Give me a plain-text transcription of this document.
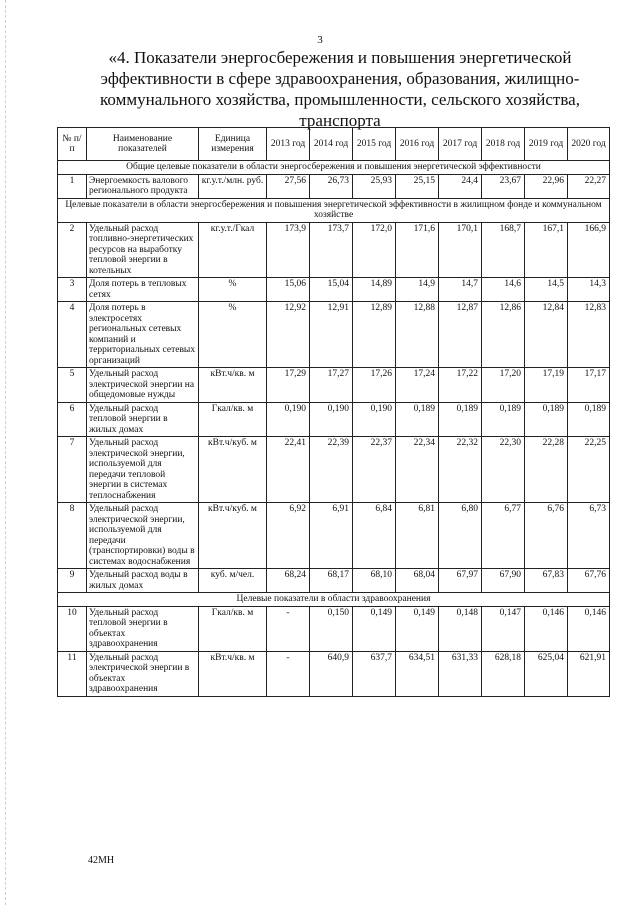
3
«4. Показатели энергосбережения и повышения энергетической эффективности в сфере здравоохранения, образования, жилищно-коммунального хозяйства, промышленности, сельского хозяйства, транспорта
№ п/п	Наименование показателей	Единица измерения	2013 год	2014 год	2015 год	2016 год	2017 год	2018 год	2019 год	2020 год
Общие целевые показатели в области энергосбережения и повышения энергетической эффективности										
1	Энергоемкость валового регионального продукта	кг.у.т./млн. руб.	27,56	26,73	25,93	25,15	24,4	23,67	22,96	22,27
Целевые показатели в области энергосбережения и повышения энергетической эффективности в жилищном фонде и коммунальном хозяйстве										
2	Удельный расход топливно-энергетических ресурсов на выработку тепловой энергии в котельных	кг.у.т./Гкал	173,9	173,7	172,0	171,6	170,1	168,7	167,1	166,9
3	Доля потерь в тепловых сетях	%	15,06	15,04	14,89	14,9	14,7	14,6	14,5	14,3
4	Доля потерь в электросетях региональных сетевых компаний и территориальных сетевых организаций	%	12,92	12,91	12,89	12,88	12,87	12,86	12,84	12,83
5	Удельный расход электрической энергии на общедомовые нужды	кВт.ч/кв. м	17,29	17,27	17,26	17,24	17,22	17,20	17,19	17,17
6	Удельный расход тепловой энергии в жилых домах	Гкал/кв. м	0,190	0,190	0,190	0,189	0,189	0,189	0,189	0,189
7	Удельный расход электрической энергии, используемой для передачи тепловой энергии в системах теплоснабжения	кВт.ч/куб. м	22,41	22,39	22,37	22,34	22,32	22,30	22,28	22,25
8	Удельный расход электрической энергии, используемой для передачи (транспортировки) воды в системах водоснабжения	кВт.ч/куб. м	6,92	6,91	6,84	6,81	6,80	6,77	6,76	6,73
9	Удельный расход воды в жилых домах	куб. м/чел.	68,24	68,17	68,10	68,04	67,97	67,90	67,83	67,76
Целевые показатели в области здравоохранения										
10	Удельный расход тепловой энергии в объектах здравоохранения	Гкал/кв. м	-	0,150	0,149	0,149	0,148	0,147	0,146	0,146
11	Удельный расход электрической энергии в объектах здравоохранения	кВт.ч/кв. м	-	640,9	637,7	634,51	631,33	628,18	625,04	621,91
42МН
